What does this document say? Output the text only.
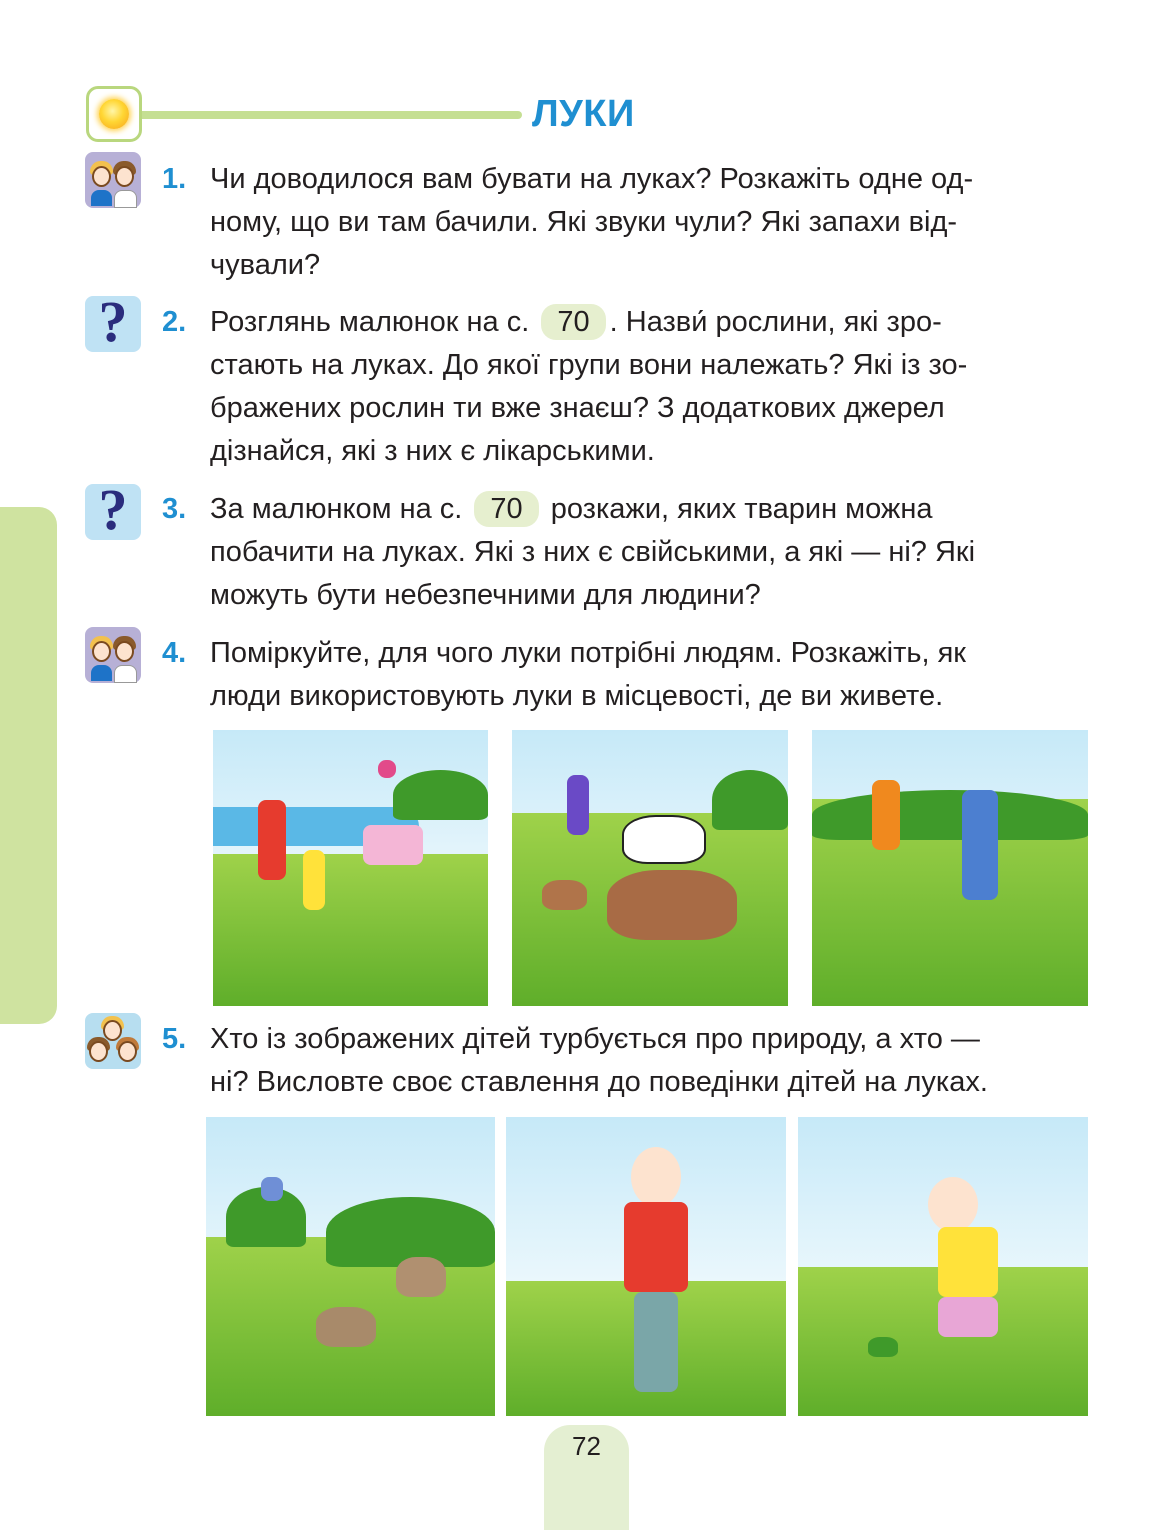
ЛУКИ
1. Чи доводилося вам бувати на луках? Розкажіть одне од-
ному, що ви там бачили. Які звуки чули? Які запахи від-
чували?
?	2. Розглянь малюнок на с. 70 . Назви́ рослини, які зро-
стають на луках. До якої групи вони належать? Які із зо-
бражених рослин ти вже знаєш? З додаткових джерел
дізнайся, які з них є лікарськими.
?	3. За малюнком на с. 70 розкажи, яких тварин можна
побачити на луках. Які з них є свійськими, а які — ні? Які
можуть бути небезпечними для людини?
4. Поміркуйте, для чого луки потрібні людям. Розкажіть, як
люди використовують луки в місцевості, де ви живете.
5. Хто із зображених дітей турбується про природу, а хто —
ні? Висловте своє ставлення до поведінки дітей на луках.
72
